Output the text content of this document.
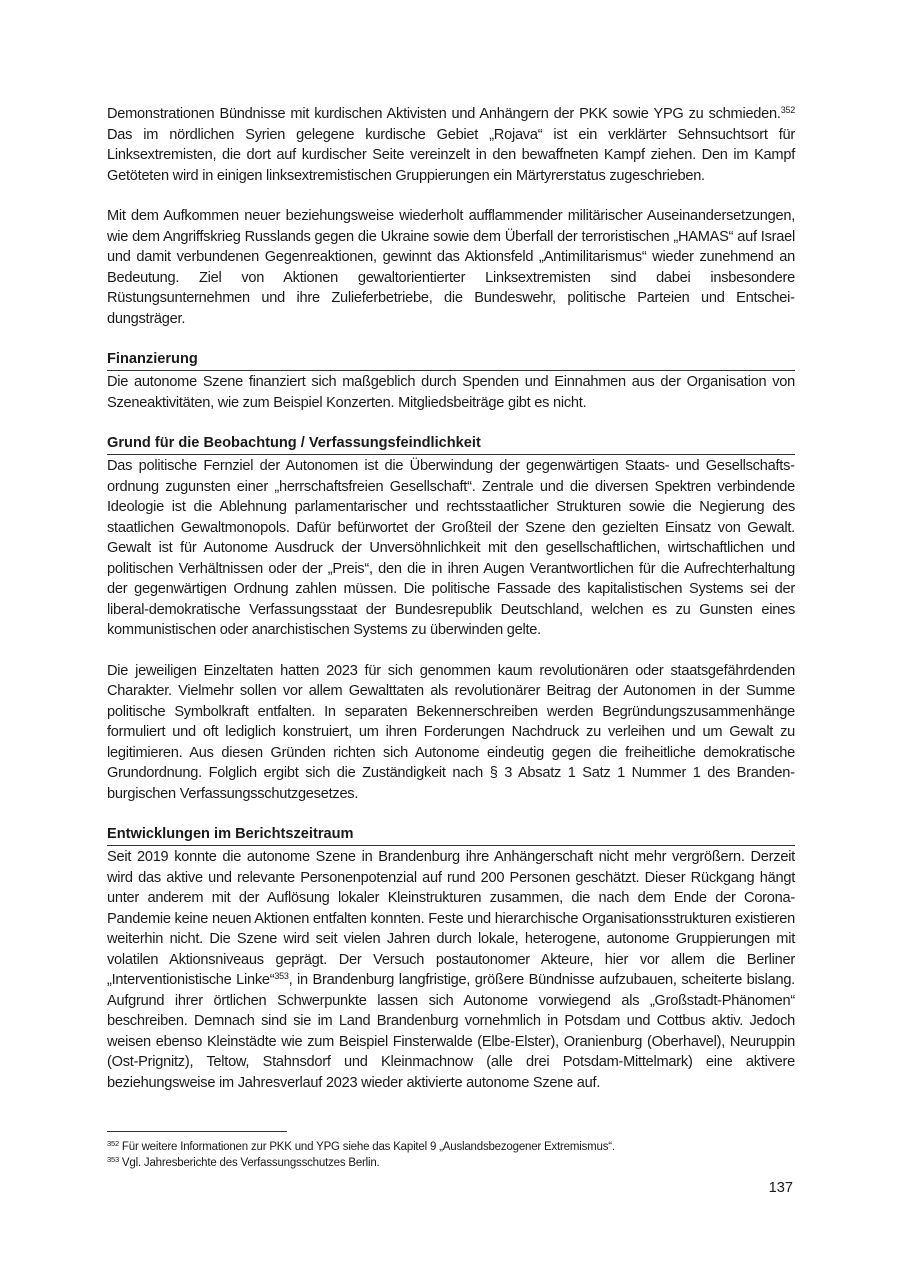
Demonstrationen Bündnisse mit kurdischen Aktivisten und Anhängern der PKK sowie YPG zu schmieden.$^{352}$ Das im nördlichen Syrien gelegene kurdische Gebiet „Rojava“ ist ein verklärter Sehnsuchtsort für Linksextremisten, die dort auf kurdischer Seite vereinzelt in den bewaffneten Kampf ziehen. Den im Kampf Getöteten wird in einigen linksextremistischen Gruppierungen ein Märtyrerstatus zugeschrieben.

Mit dem Aufkommen neuer beziehungsweise wiederholt aufflammender militärischer Auseinandersetzungen, wie dem Angriffskrieg Russlands gegen die Ukraine sowie dem Überfall der terroristischen „HAMAS“ auf Israel und damit verbundenen Gegenreaktionen, gewinnt das Aktionsfeld „Antimilitarismus“ wieder zunehmend an Bedeutung. Ziel von Aktionen gewaltorientierter Linksextremisten sind dabei insbesondere Rüstungsunternehmen und ihre Zulieferbetriebe, die Bundeswehr, politische Parteien und Entscheidungsträger.

Finanzierung

Die autonome Szene finanziert sich maßgeblich durch Spenden und Einnahmen aus der Organisation von Szeneaktivitäten, wie zum Beispiel Konzerten. Mitgliedsbeiträge gibt es nicht.

Grund für die Beobachtung / Verfassungsfeindlichkeit

Das politische Fernziel der Autonomen ist die Überwindung der gegenwärtigen Staats- und Gesellschaftsordnung zugunsten einer „herrschaftsfreien Gesellschaft“. Zentrale und die diversen Spektren verbindende Ideologie ist die Ablehnung parlamentarischer und rechtsstaatlicher Strukturen sowie die Negierung des staatlichen Gewaltmonopols. Dafür befürwortet der Großteil der Szene den gezielten Einsatz von Gewalt. Gewalt ist für Autonome Ausdruck der Unversöhnlichkeit mit den gesellschaftlichen, wirtschaftlichen und politischen Verhältnissen oder der „Preis“, den die in ihren Augen Verantwortlichen für die Aufrechterhaltung der gegenwärtigen Ordnung zahlen müssen. Die politische Fassade des kapitalistischen Systems sei der liberal-demokratische Verfassungsstaat der Bundesrepublik Deutschland, welchen es zu Gunsten eines kommunistischen oder anarchistischen Systems zu überwinden gelte.

Die jeweiligen Einzeltaten hatten 2023 für sich genommen kaum revolutionären oder staatsgefährdenden Charakter. Vielmehr sollen vor allem Gewalttaten als revolutionärer Beitrag der Autonomen in der Summe politische Symbolkraft entfalten. In separaten Bekennerschreiben werden Begründungszusammenhänge formuliert und oft lediglich konstruiert, um ihren Forderungen Nachdruck zu verleihen und um Gewalt zu legitimieren. Aus diesen Gründen richten sich Autonome eindeutig gegen die freiheitliche demokratische Grundordnung. Folglich ergibt sich die Zuständigkeit nach § 3 Absatz 1 Satz 1 Nummer 1 des Brandenburgischen Verfassungsschutzgesetzes.

Entwicklungen im Berichtszeitraum

Seit 2019 konnte die autonome Szene in Brandenburg ihre Anhängerschaft nicht mehr vergrößern. Derzeit wird das aktive und relevante Personenpotenzial auf rund 200 Personen geschätzt. Dieser Rückgang hängt unter anderem mit der Auflösung lokaler Kleinstrukturen zusammen, die nach dem Ende der Corona-Pandemie keine neuen Aktionen entfalten konnten. Feste und hierarchische Organisationsstrukturen existieren weiterhin nicht. Die Szene wird seit vielen Jahren durch lokale, heterogene, autonome Gruppierungen mit volatilen Aktionsniveaus geprägt. Der Versuch postautonomer Akteure, hier vor allem die Berliner „Interventionistische Linke“$^{353}$, in Brandenburg langfristige, größere Bündnisse aufzubauen, scheiterte bislang. Aufgrund ihrer örtlichen Schwerpunkte lassen sich Autonome vorwiegend als „Großstadt-Phänomen“ beschreiben. Demnach sind sie im Land Brandenburg vornehmlich in Potsdam und Cottbus aktiv. Jedoch weisen ebenso Kleinstädte wie zum Beispiel Finsterwalde (Elbe-Elster), Oranienburg (Oberhavel), Neuruppin (Ost-Prignitz), Teltow, Stahnsdorf und Kleinmachnow (alle drei Potsdam-Mittelmark) eine aktivere beziehungsweise im Jahresverlauf 2023 wieder aktivierte autonome Szene auf.

$^{352}$ Für weitere Informationen zur PKK und YPG siehe das Kapitel 9 „Auslandsbezogener Extremismus“.
$^{353}$ Vgl. Jahresberichte des Verfassungsschutzes Berlin.
137
